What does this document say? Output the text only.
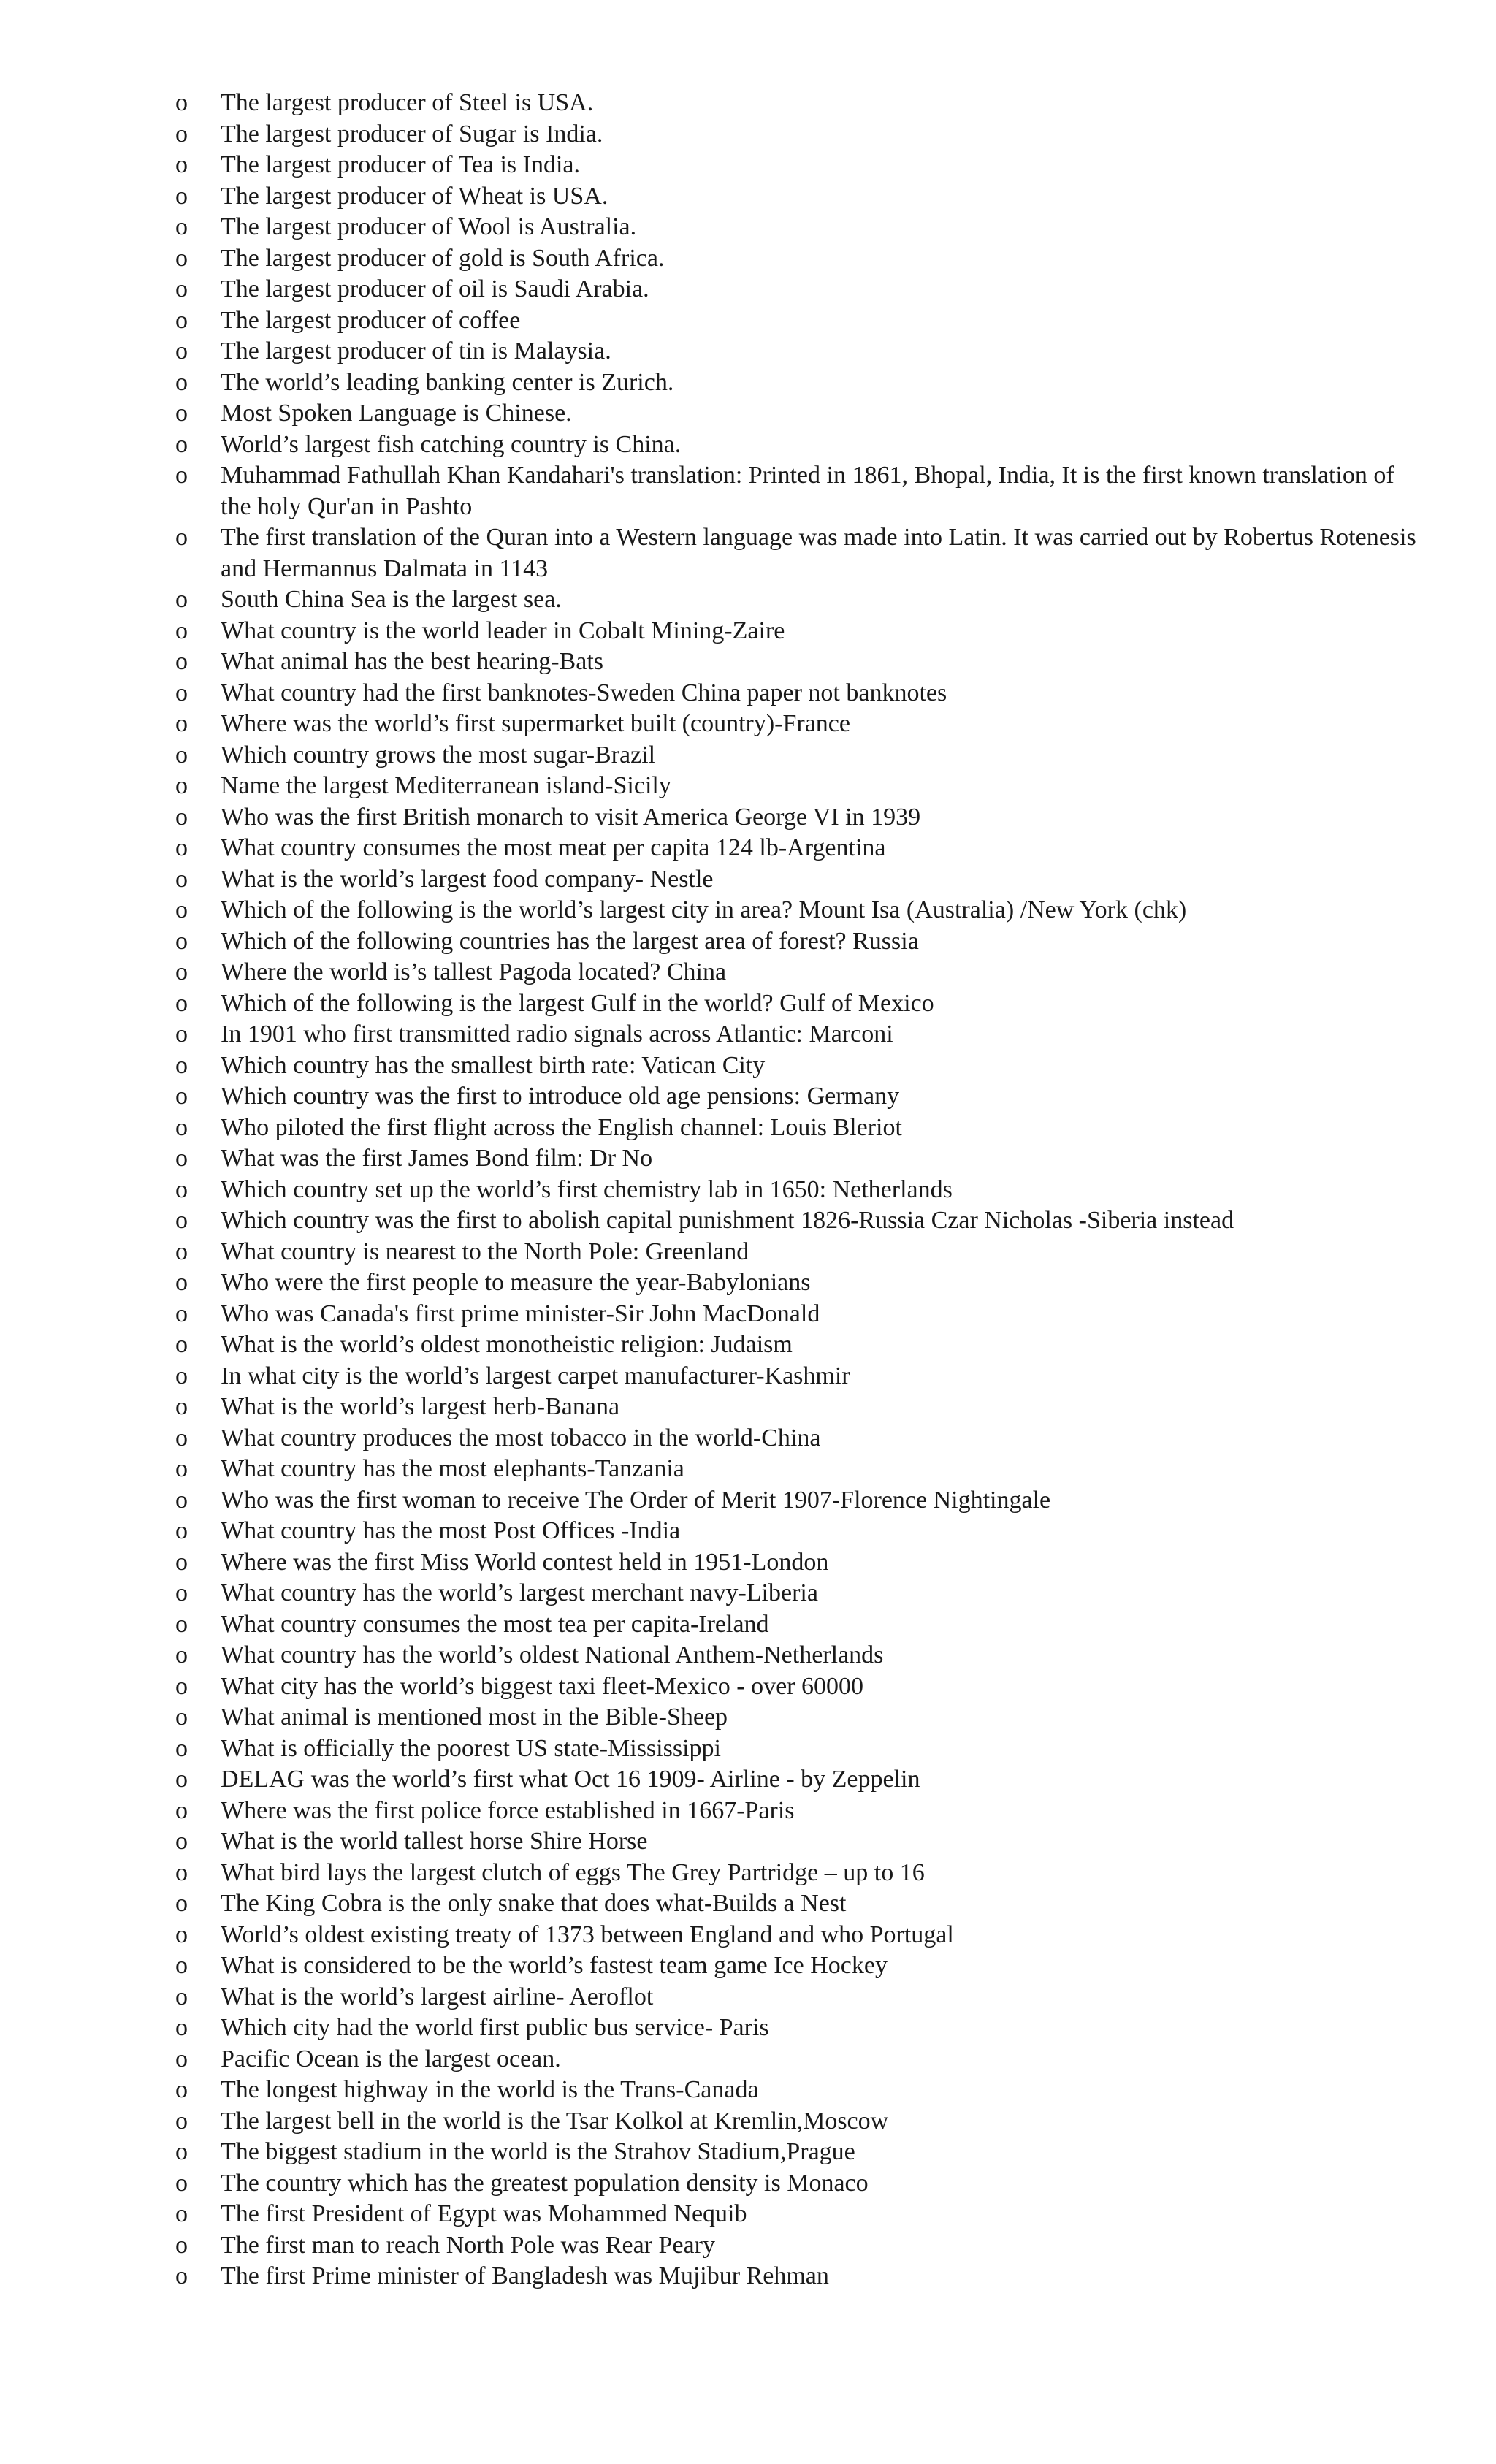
o The largest producer of Steel is USA.
o The largest producer of Sugar is India.
o The largest producer of Tea is India.
o The largest producer of Wheat is USA.
o The largest producer of Wool is Australia.
o The largest producer of gold is South Africa.
o The largest producer of oil is Saudi Arabia.
o The largest producer of coffee
o The largest producer of tin is Malaysia.
o The world’s leading banking center is Zurich.
o Most Spoken Language is Chinese.
o World’s largest fish catching country is China.
o Muhammad Fathullah Khan Kandahari's translation: Printed in 1861, Bhopal, India, It is the first known translation of the holy Qur'an in Pashto
o The first translation of the Quran into a Western language was made into Latin. It was carried out by Robertus Rotenesis and Hermannus Dalmata in 1143
o South China Sea is the largest sea.
o What country is the world leader in Cobalt Mining-Zaire
o What animal has the best hearing-Bats
o What country had the first banknotes-Sweden China paper not banknotes
o Where was the world’s first supermarket built (country)-France
o Which country grows the most sugar-Brazil
o Name the largest Mediterranean island-Sicily
o Who was the first British monarch to visit America George VI in 1939
o What country consumes the most meat per capita 124 lb-Argentina
o What is the world’s largest food company- Nestle
o Which of the following is the world’s largest city in area? Mount Isa (Australia) /New York (chk)
o Which of the following countries has the largest area of forest? Russia
o Where the world is’s tallest Pagoda located? China
o Which of the following is the largest Gulf in the world? Gulf of Mexico
o In 1901 who first transmitted radio signals across Atlantic: Marconi
o Which country has the smallest birth rate: Vatican City
o Which country was the first to introduce old age pensions: Germany
o Who piloted the first flight across the English channel: Louis Bleriot
o What was the first James Bond film: Dr No
o Which country set up the world’s first chemistry lab in 1650: Netherlands
o Which country was the first to abolish capital punishment 1826-Russia Czar Nicholas -Siberia instead
o What country is nearest to the North Pole: Greenland
o Who were the first people to measure the year-Babylonians
o Who was Canada's first prime minister-Sir John MacDonald
o What is the world’s oldest monotheistic religion: Judaism
o In what city is the world’s largest carpet manufacturer-Kashmir
o What is the world’s largest herb-Banana
o What country produces the most tobacco in the world-China
o What country has the most elephants-Tanzania
o Who was the first woman to receive The Order of Merit 1907-Florence Nightingale
o What country has the most Post Offices -India
o Where was the first Miss World contest held in 1951-London
o What country has the world’s largest merchant navy-Liberia
o What country consumes the most tea per capita-Ireland
o What country has the world’s oldest National Anthem-Netherlands
o What city has the world’s biggest taxi fleet-Mexico - over 60000
o What animal is mentioned most in the Bible-Sheep
o What is officially the poorest US state-Mississippi
o DELAG was the world’s first what Oct 16 1909- Airline - by Zeppelin
o Where was the first police force established in 1667-Paris
o What is the world tallest horse Shire Horse
o What bird lays the largest clutch of eggs The Grey Partridge – up to 16
o The King Cobra is the only snake that does what-Builds a Nest
o World’s oldest existing treaty of 1373 between England and who Portugal
o What is considered to be the world’s fastest team game Ice Hockey
o What is the world’s largest airline- Aeroflot
o Which city had the world first public bus service- Paris
o Pacific Ocean is the largest ocean.
o The longest highway in the world is the Trans-Canada
o The largest bell in the world is the Tsar Kolkol at Kremlin,Moscow
o The biggest stadium in the world is the Strahov Stadium,Prague
o The country which has the greatest population density is Monaco
o The first President of Egypt was Mohammed Nequib
o The first man to reach North Pole was Rear Peary
o The first Prime minister of Bangladesh was Mujibur Rehman
